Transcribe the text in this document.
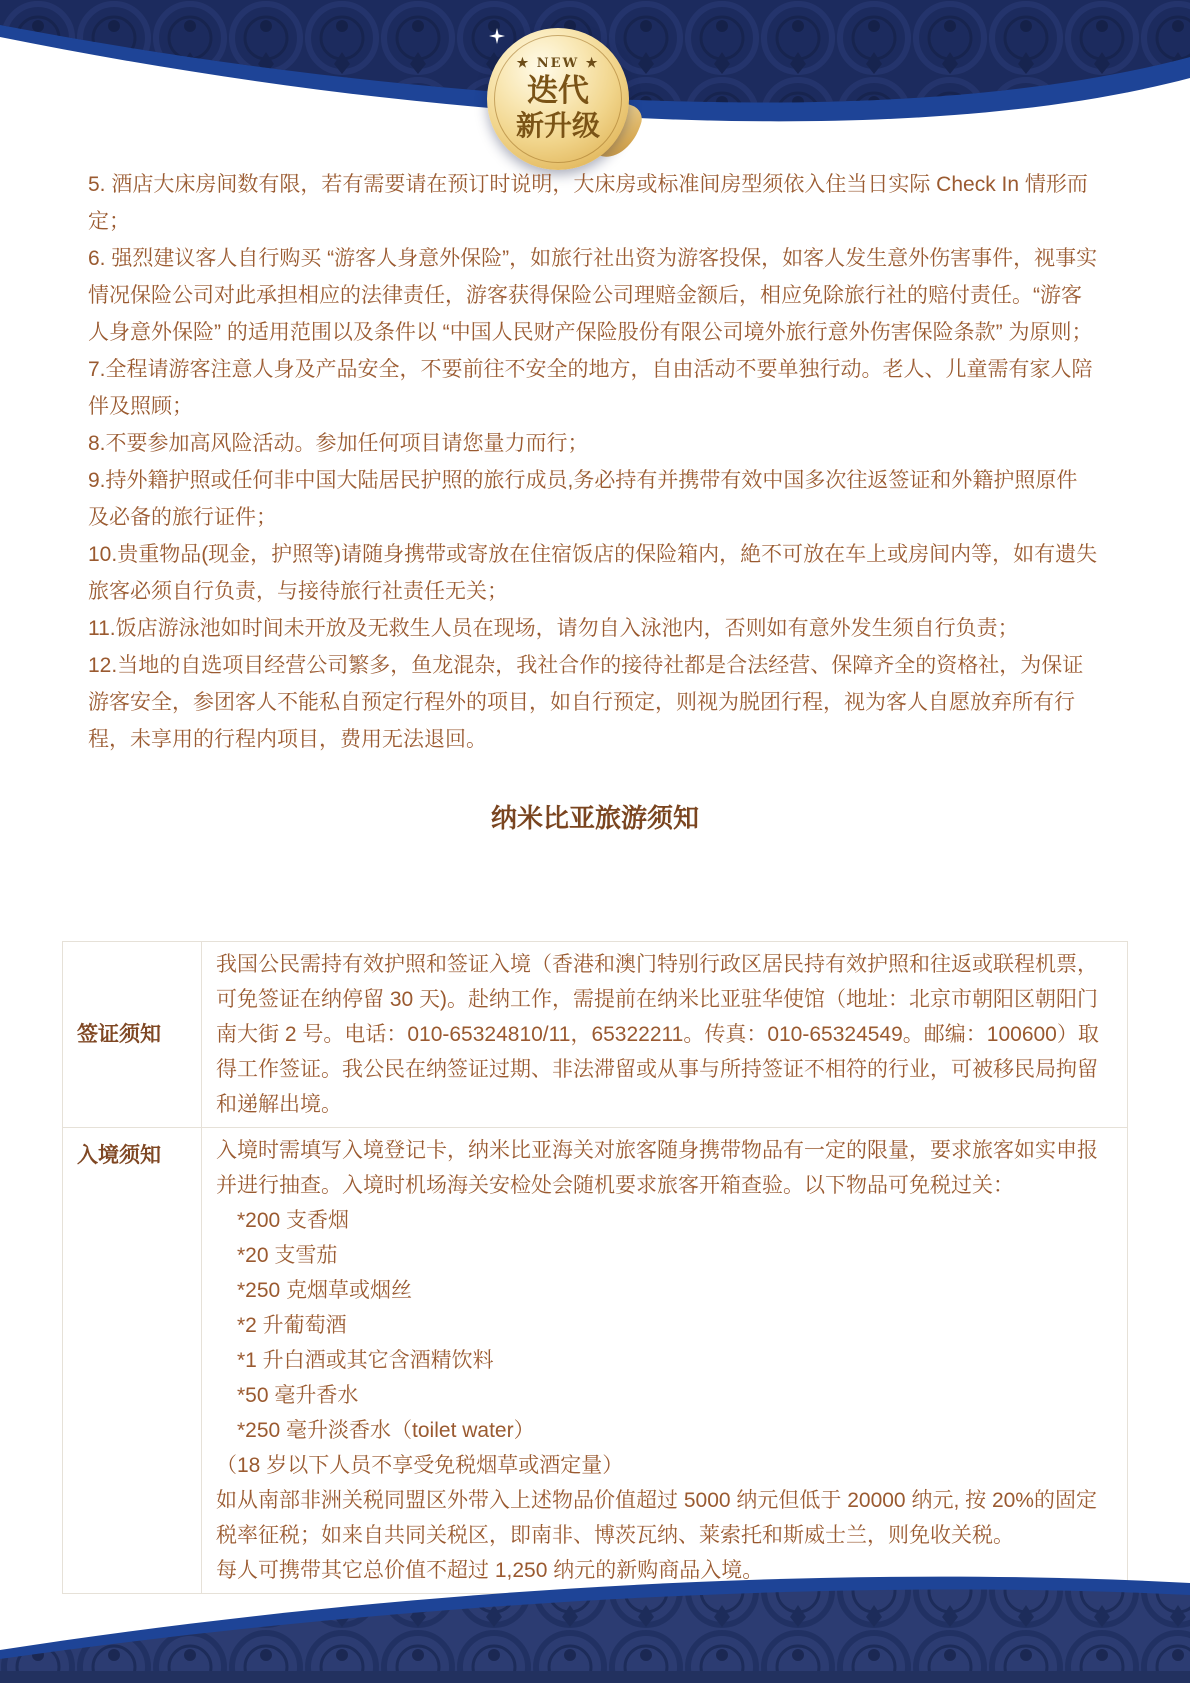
★ NEW ★
迭代
新升级

5. 酒店大床房间数有限，若有需要请在预订时说明，大床房或标准间房型须依入住当日实际 Check In 情形而定；

6. 强烈建议客人自行购买 “游客人身意外保险”，如旅行社出资为游客投保，如客人发生意外伤害事件，视事实情况保险公司对此承担相应的法律责任，游客获得保险公司理赔金额后，相应免除旅行社的赔付责任。“游客人身意外保险” 的适用范围以及条件以 “中国人民财产保险股份有限公司境外旅行意外伤害保险条款” 为原则；

7.全程请游客注意人身及产品安全，不要前往不安全的地方，自由活动不要单独行动。老人、儿童需有家人陪伴及照顾；

8.不要参加高风险活动。参加任何项目请您量力而行；

9.持外籍护照或任何非中国大陆居民护照的旅行成员,务必持有并携带有效中国多次往返签证和外籍护照原件及必备的旅行证件；

10.贵重物品(现金，护照等)请随身携带或寄放在住宿饭店的保险箱内，絶不可放在车上或房间内等，如有遗失旅客必须自行负责，与接待旅行社责任无关；

11.饭店游泳池如时间未开放及无救生人员在现场，请勿自入泳池内，否则如有意外发生须自行负责；

12.当地的自选项目经营公司繁多，鱼龙混杂，我社合作的接待社都是合法经营、保障齐全的资格社，为保证游客安全，参团客人不能私自预定行程外的项目，如自行预定，则视为脱团行程，视为客人自愿放弃所有行程，未享用的行程内项目，费用无法退回。

纳米比亚旅游须知
签证须知	我国公民需持有效护照和签证入境（香港和澳门特别行政区居民持有效护照和往返或联程机票，可免签证在纳停留 30 天)。赴纳工作，需提前在纳米比亚驻华使馆（地址：北京市朝阳区朝阳门南大街 2 号。电话：010-65324810/11，65322211。传真：010-65324549。邮编：100600）取得工作签证。我公民在纳签证过期、非法滞留或从事与所持签证不相符的行业，可被移民局拘留和递解出境。

入境须知	入境时需填写入境登记卡，纳米比亚海关对旅客随身携带物品有一定的限量，要求旅客如实申报并进行抽查。入境时机场海关安检处会随机要求旅客开箱查验。以下物品可免税过关：

*200 支香烟

*20 支雪茄

*250 克烟草或烟丝

*2 升葡萄酒

*1 升白酒或其它含酒精饮料

*50 毫升香水

*250 毫升淡香水（toilet water）

（18 岁以下人员不享受免税烟草或酒定量）

如从南部非洲关税同盟区外带入上述物品价值超过 5000 纳元但低于 20000 纳元, 按 20%的固定税率征税；如来自共同关税区，即南非、博茨瓦纳、莱索托和斯威士兰，则免收关税。

每人可携带其它总价值不超过 1,250 纳元的新购商品入境。
